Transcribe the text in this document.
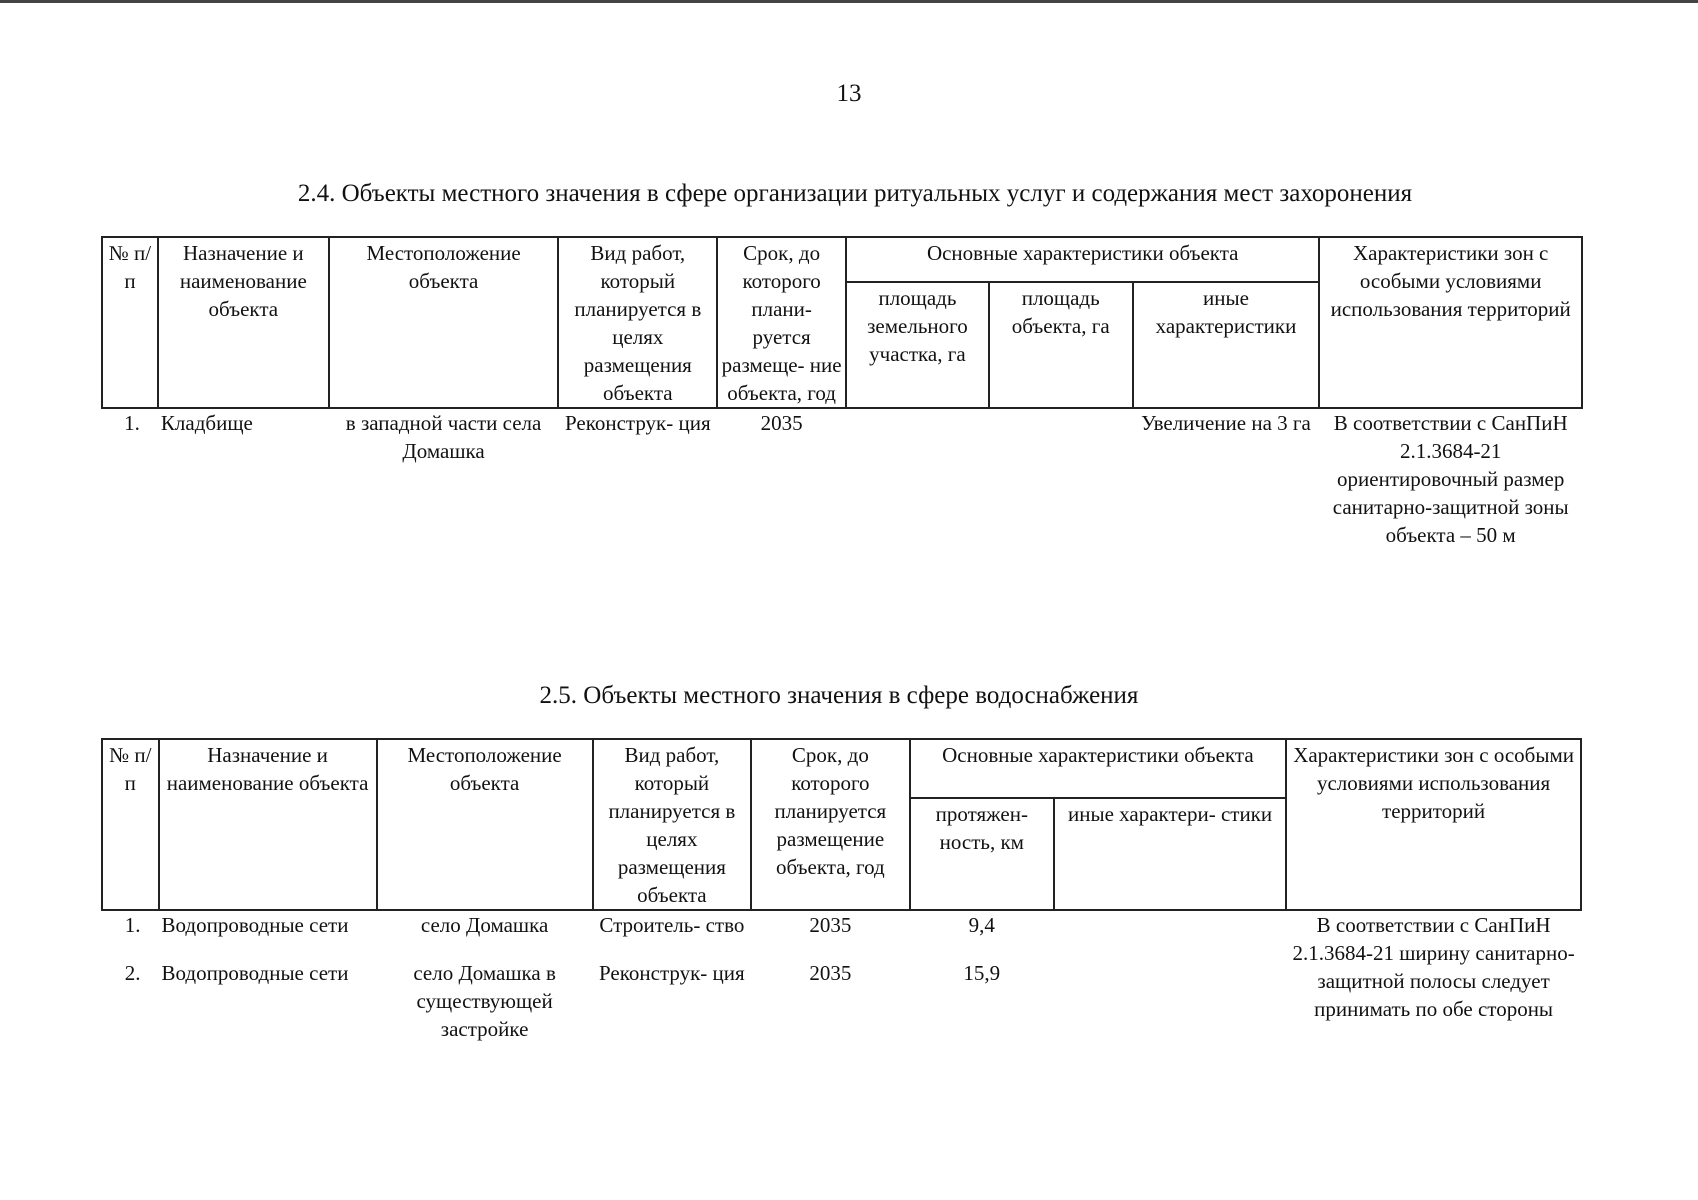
13
2.4. Объекты местного значения в сфере организации ритуальных услуг и содержания мест захоронения
№ п/п	Назначение и наименование объекта	Местоположение объекта	Вид работ, который планируется в целях размещения объекта	Срок, до которого плани- руется размеще- ние объекта, год	Основные характеристики объекта			Характеристики зон с особыми условиями использования территорий
					площадь земельного участка, га	площадь объекта, га	иные характеристики	
1.	Кладбище	в западной части села Домашка	Реконструк- ция	2035			Увеличение на 3 га	В соответствии с СанПиН 2.1.3684-21 ориентировочный размер санитарно-защитной зоны объекта – 50 м
2.5. Объекты местного значения в сфере водоснабжения
№ п/п	Назначение и наименование объекта	Местоположение объекта	Вид работ, который планируется в целях размещения объекта	Срок, до которого планируется размещение объекта, год	Основные характеристики объекта		Характеристики зон с особыми условиями использования территорий
					протяжен- ность, км	иные характери- стики	
1.	Водопроводные сети	село Домашка	Строитель- ство	2035	9,4		В соответствии с СанПиН 2.1.3684-21 ширину санитарно-защитной полосы следует принимать по обе стороны
2.	Водопроводные сети	село Домашка в существующей застройке	Реконструк- ция	2035	15,9		
